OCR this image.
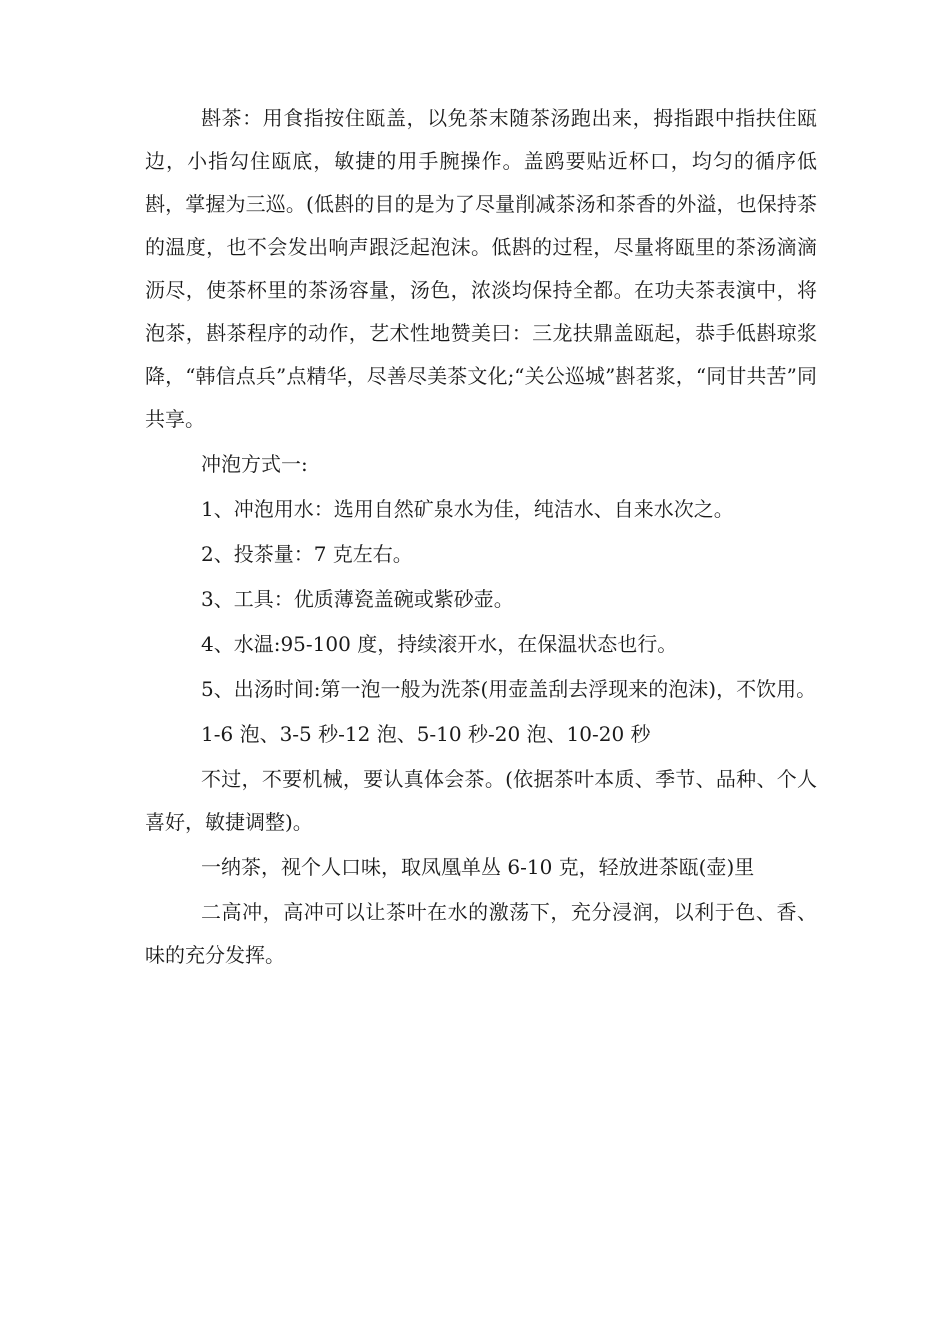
斟茶：用食指按住瓯盖，以免茶末随茶汤跑出来，拇指跟中指扶住瓯边，小指勾住瓯底，敏捷的用手腕操作。盖鸥要贴近杯口，均匀的循序低斟，掌握为三巡。(低斟的目的是为了尽量削减茶汤和茶香的外溢，也保持茶的温度，也不会发出响声跟泛起泡沫。低斟的过程，尽量将瓯里的茶汤滴滴沥尽，使茶杯里的茶汤容量，汤色，浓淡均保持全都。在功夫茶表演中，将泡茶，斟茶程序的动作，艺术性地赞美曰：三龙扶鼎盖瓯起，恭手低斟琼浆降，“韩信点兵”点精华，尽善尽美茶文化;“关公巡城”斟茗浆，“同甘共苦”同共享。

冲泡方式一:

1、冲泡用水：选用自然矿泉水为佳，纯洁水、自来水次之。

2、投茶量：7 克左右。

3、工具：优质薄瓷盖碗或紫砂壶。

4、水温:95-100 度，持续滚开水，在保温状态也行。

5、出汤时间:第一泡一般为洗茶(用壶盖刮去浮现来的泡沫)，不饮用。

1-6 泡、3-5 秒-12 泡、5-10 秒-20 泡、10-20 秒

不过，不要机械，要认真体会茶。(依据茶叶本质、季节、品种、个人喜好，敏捷调整)。

一纳茶，视个人口味，取凤凰单丛 6-10 克，轻放进茶瓯(壶)里

二高冲，高冲可以让茶叶在水的激荡下，充分浸润，以利于色、香、味的充分发挥。
